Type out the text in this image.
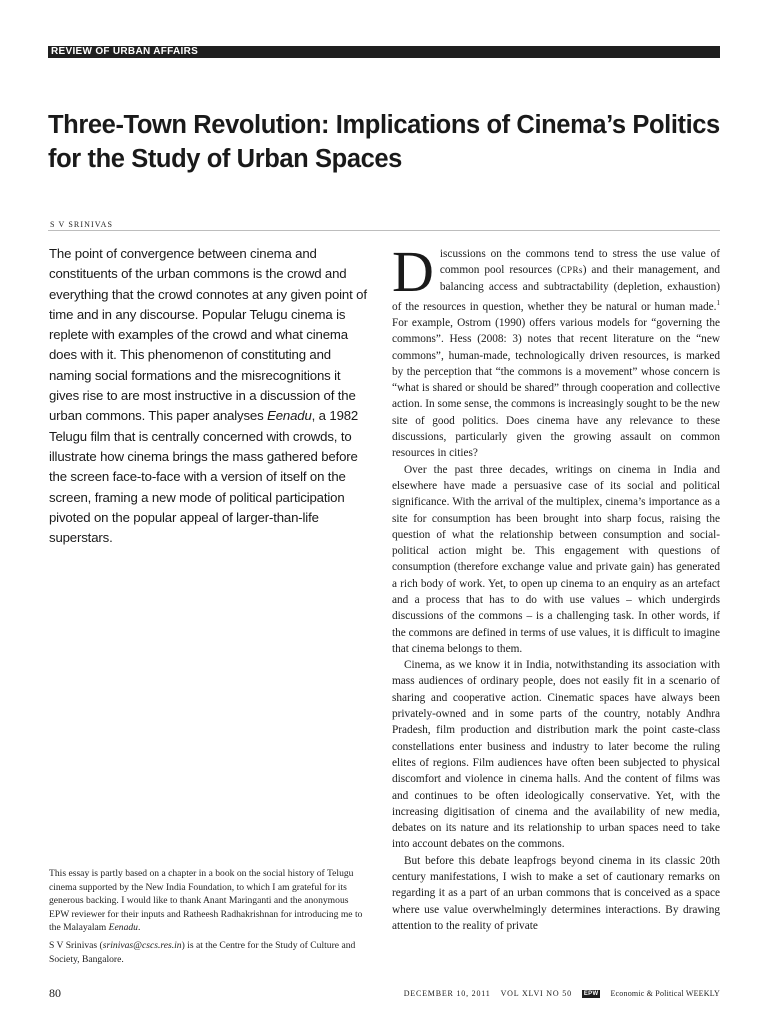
REVIEW OF URBAN AFFAIRS
Three-Town Revolution: Implications of Cinema’s Politics for the Study of Urban Spaces
S V SRINIVAS

The point of convergence between cinema and constituents of the urban commons is the crowd and everything that the crowd connotes at any given point of time and in any discourse. Popular Telugu cinema is replete with examples of the crowd and what cinema does with it. This phenomenon of constituting and naming social formations and the misrecognitions it gives rise to are most instructive in a discussion of the urban commons. This paper analyses Eenadu, a 1982 Telugu film that is centrally concerned with crowds, to illustrate how cinema brings the mass gathered before the screen face-to-face with a version of itself on the screen, framing a new mode of political participation pivoted on the popular appeal of larger-than-life superstars.

This essay is partly based on a chapter in a book on the social history of Telugu cinema supported by the New India Foundation, to which I am grateful for its generous backing. I would like to thank Anant Maringanti and the anonymous EPW reviewer for their inputs and Ratheesh Radhakrishnan for introducing me to the Malayalam Eenadu.

S V Srinivas (srinivas@cscs.res.in) is at the Centre for the Study of Culture and Society, Bangalore.

Discussions on the commons tend to stress the use value of common pool resources (CPRs) and their management, and balancing access and subtractability (depletion, exhaustion) of the resources in question, whether they be natural or human made.$^1$ For example, Ostrom (1990) offers various models for “governing the commons”. Hess (2008: 3) notes that recent literature on the “new commons”, human-made, technologically driven resources, is marked by the perception that “the commons is a movement” whose concern is “what is shared or should be shared” through cooperation and collective action. In some sense, the commons is increasingly sought to be the new site of good politics. Does cinema have any relevance to these discussions, particularly given the growing assault on common resources in cities?

Over the past three decades, writings on cinema in India and elsewhere have made a persuasive case of its social and political significance. With the arrival of the multiplex, cinema’s importance as a site for consumption has been brought into sharp focus, raising the question of what the relationship between consumption and social-political action might be. This engagement with questions of consumption (therefore exchange value and private gain) has generated a rich body of work. Yet, to open up cinema to an enquiry as an artefact and a process that has to do with use values – which undergirds discussions of the commons – is a challenging task. In other words, if the commons are defined in terms of use values, it is difficult to imagine that cinema belongs to them.

Cinema, as we know it in India, notwithstanding its association with mass audiences of ordinary people, does not easily fit in a scenario of sharing and cooperative action. Cinematic spaces have always been privately-owned and in some parts of the country, notably Andhra Pradesh, film production and distribution mark the point caste-class constellations enter business and industry to later become the ruling elites of regions. Film audiences have often been subjected to physical discomfort and violence in cinema halls. And the content of films was and continues to be often ideologically conservative. Yet, with the increasing digitisation of cinema and the availability of new media, debates on its nature and its relationship to urban spaces need to take into account debates on the commons.

But before this debate leapfrogs beyond cinema in its classic 20th century manifestations, I wish to make a set of cautionary remarks on regarding it as a part of an urban commons that is conceived as a space where use value overwhelmingly determines interactions. By drawing attention to the reality of private

80	DECEMBER 10, 2011 VOL XLVI NO 50	EPW Economic & Political WEEKLY
